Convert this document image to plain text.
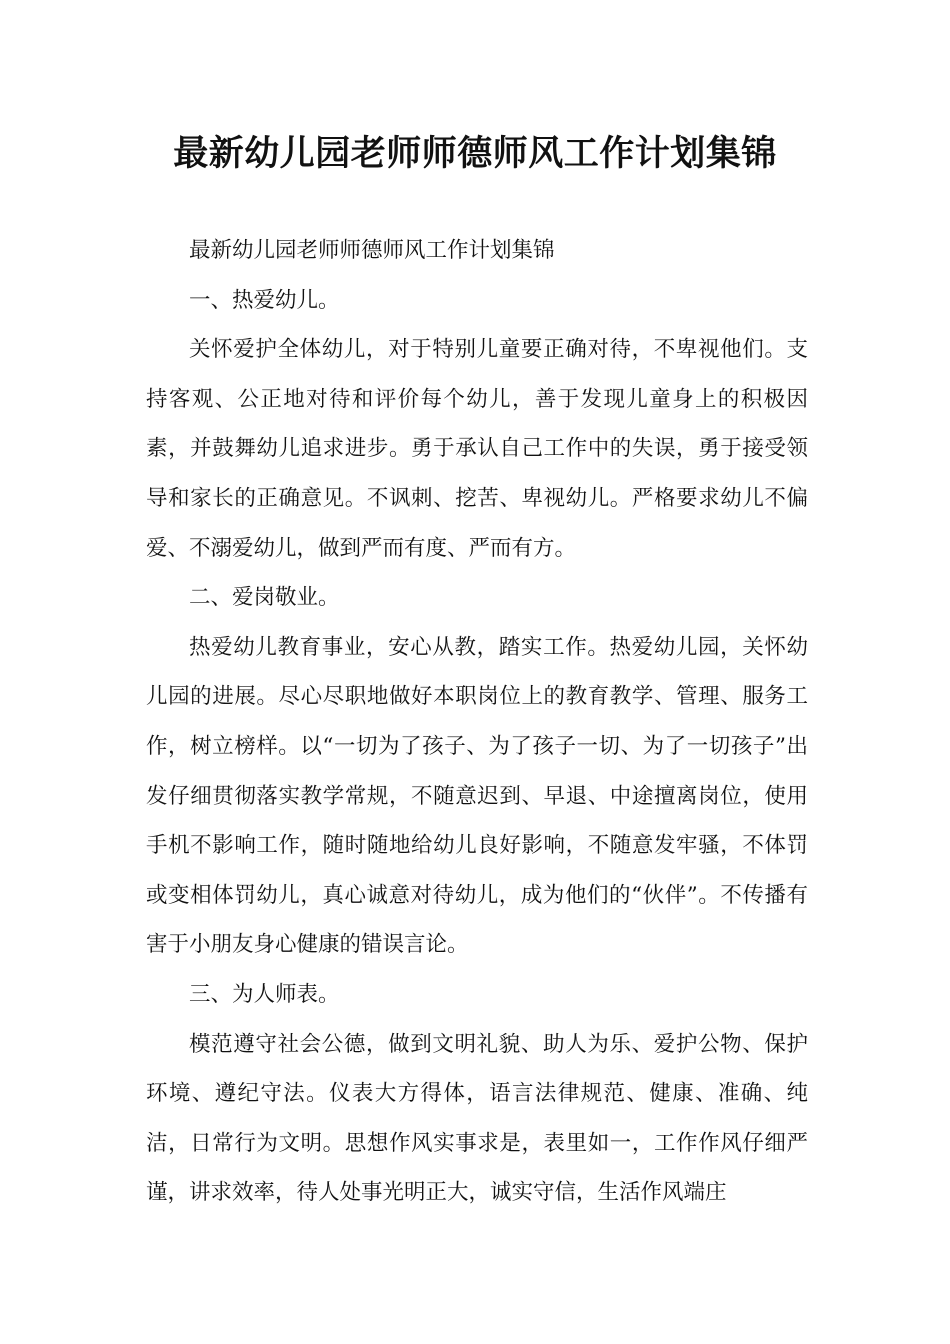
最新幼儿园老师师德师风工作计划集锦

最新幼儿园老师师德师风工作计划集锦

一、热爱幼儿。

关怀爱护全体幼儿，对于特别儿童要正确对待，不卑视他们。支持客观、公正地对待和评价每个幼儿，善于发现儿童身上的积极因素，并鼓舞幼儿追求进步。勇于承认自己工作中的失误，勇于接受领导和家长的正确意见。不讽刺、挖苦、卑视幼儿。严格要求幼儿不偏爱、不溺爱幼儿，做到严而有度、严而有方。

二、爱岗敬业。

热爱幼儿教育事业，安心从教，踏实工作。热爱幼儿园，关怀幼儿园的进展。尽心尽职地做好本职岗位上的教育教学、管理、服务工作，树立榜样。以“一切为了孩子、为了孩子一切、为了一切孩子”出发仔细贯彻落实教学常规，不随意迟到、早退、中途擅离岗位，使用手机不影响工作，随时随地给幼儿良好影响，不随意发牢骚，不体罚或变相体罚幼儿，真心诚意对待幼儿，成为他们的“伙伴”。不传播有害于小朋友身心健康的错误言论。

三、为人师表。

模范遵守社会公德，做到文明礼貌、助人为乐、爱护公物、保护环境、遵纪守法。仪表大方得体，语言法律规范、健康、准确、纯洁，日常行为文明。思想作风实事求是，表里如一，工作作风仔细严谨，讲求效率，待人处事光明正大，诚实守信，生活作风端庄
